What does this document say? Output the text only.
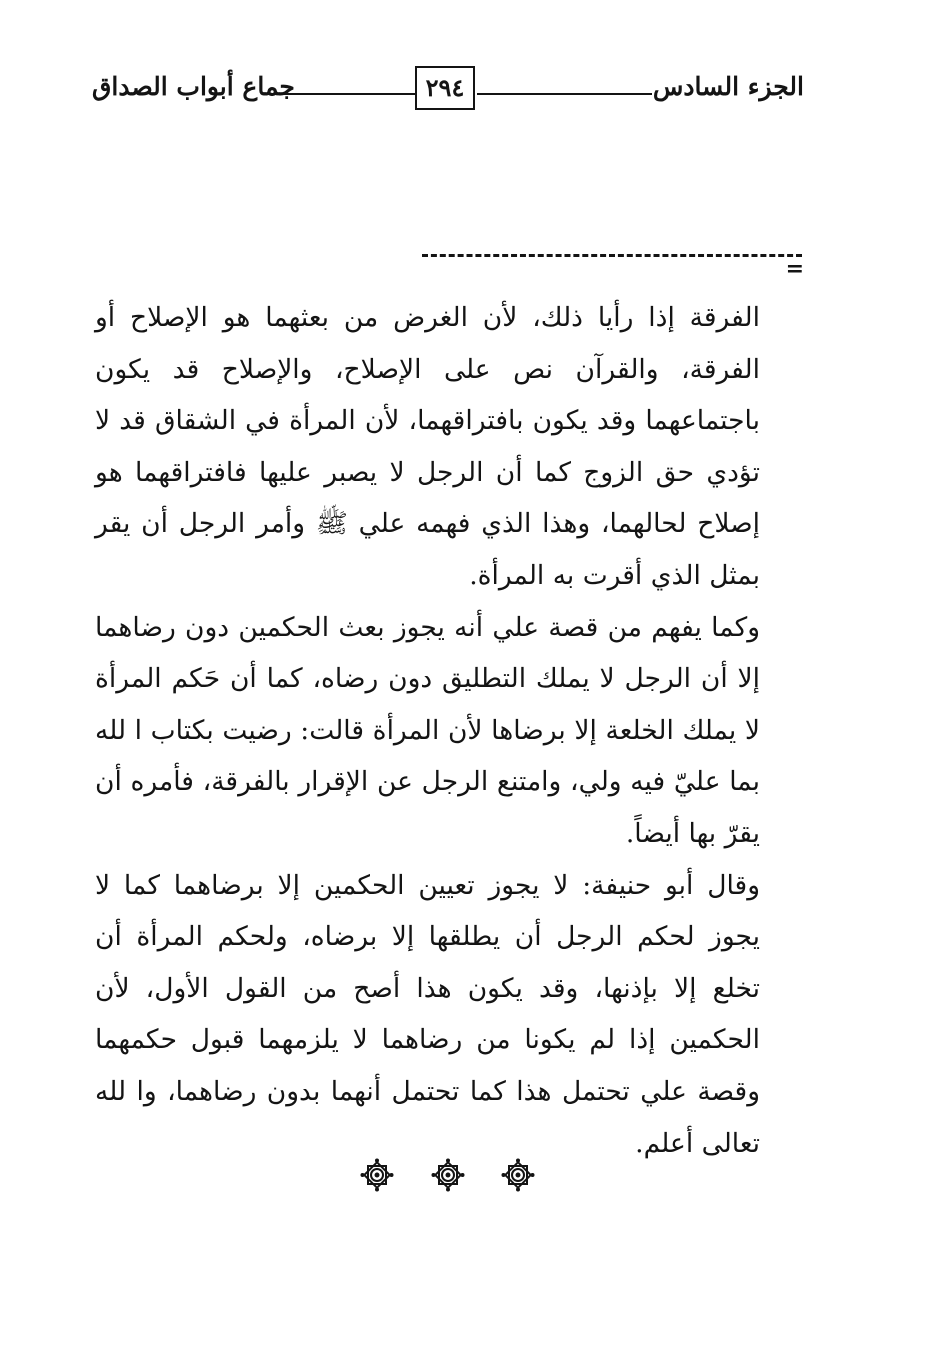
الجزء السادس
٢٩٤
جماع أبواب الصداق
=

الفرقة إذا رأيا ذلك، لأن الغرض من بعثهما هو الإصلاح أو الفرقة، والقرآن نص على الإصلاح، والإصلاح قد يكون باجتماعهما وقد يكون بافتراقهما، لأن المرأة في الشقاق قد لا تؤدي حق الزوج كما أن الرجل لا يصبر عليها فافتراقهما هو إصلاح لحالهما، وهذا الذي فهمه علي ﷺ وأمر الرجل أن يقر بمثل الذي أقرت به المرأة.

وكما يفهم من قصة علي أنه يجوز بعث الحكمين دون رضاهما إلا أن الرجل لا يملك التطليق دون رضاه، كما أن حَكم المرأة لا يملك الخلعة إلا برضاها لأن المرأة قالت: رضيت بكتاب ا لله بما عليّ فيه ولي، وامتنع الرجل عن الإقرار بالفرقة، فأمره أن يقرّ بها أيضاً.

وقال أبو حنيفة: لا يجوز تعيين الحكمين إلا برضاهما كما لا يجوز لحكم الرجل أن يطلقها إلا برضاه، ولحكم المرأة أن تخلع إلا بإذنها، وقد يكون هذا أصح من القول الأول، لأن الحكمين إذا لم يكونا من رضاهما لا يلزمهما قبول حكمهما وقصة علي تحتمل هذا كما تحتمل أنهما بدون رضاهما، وا لله تعالى أعلم.
